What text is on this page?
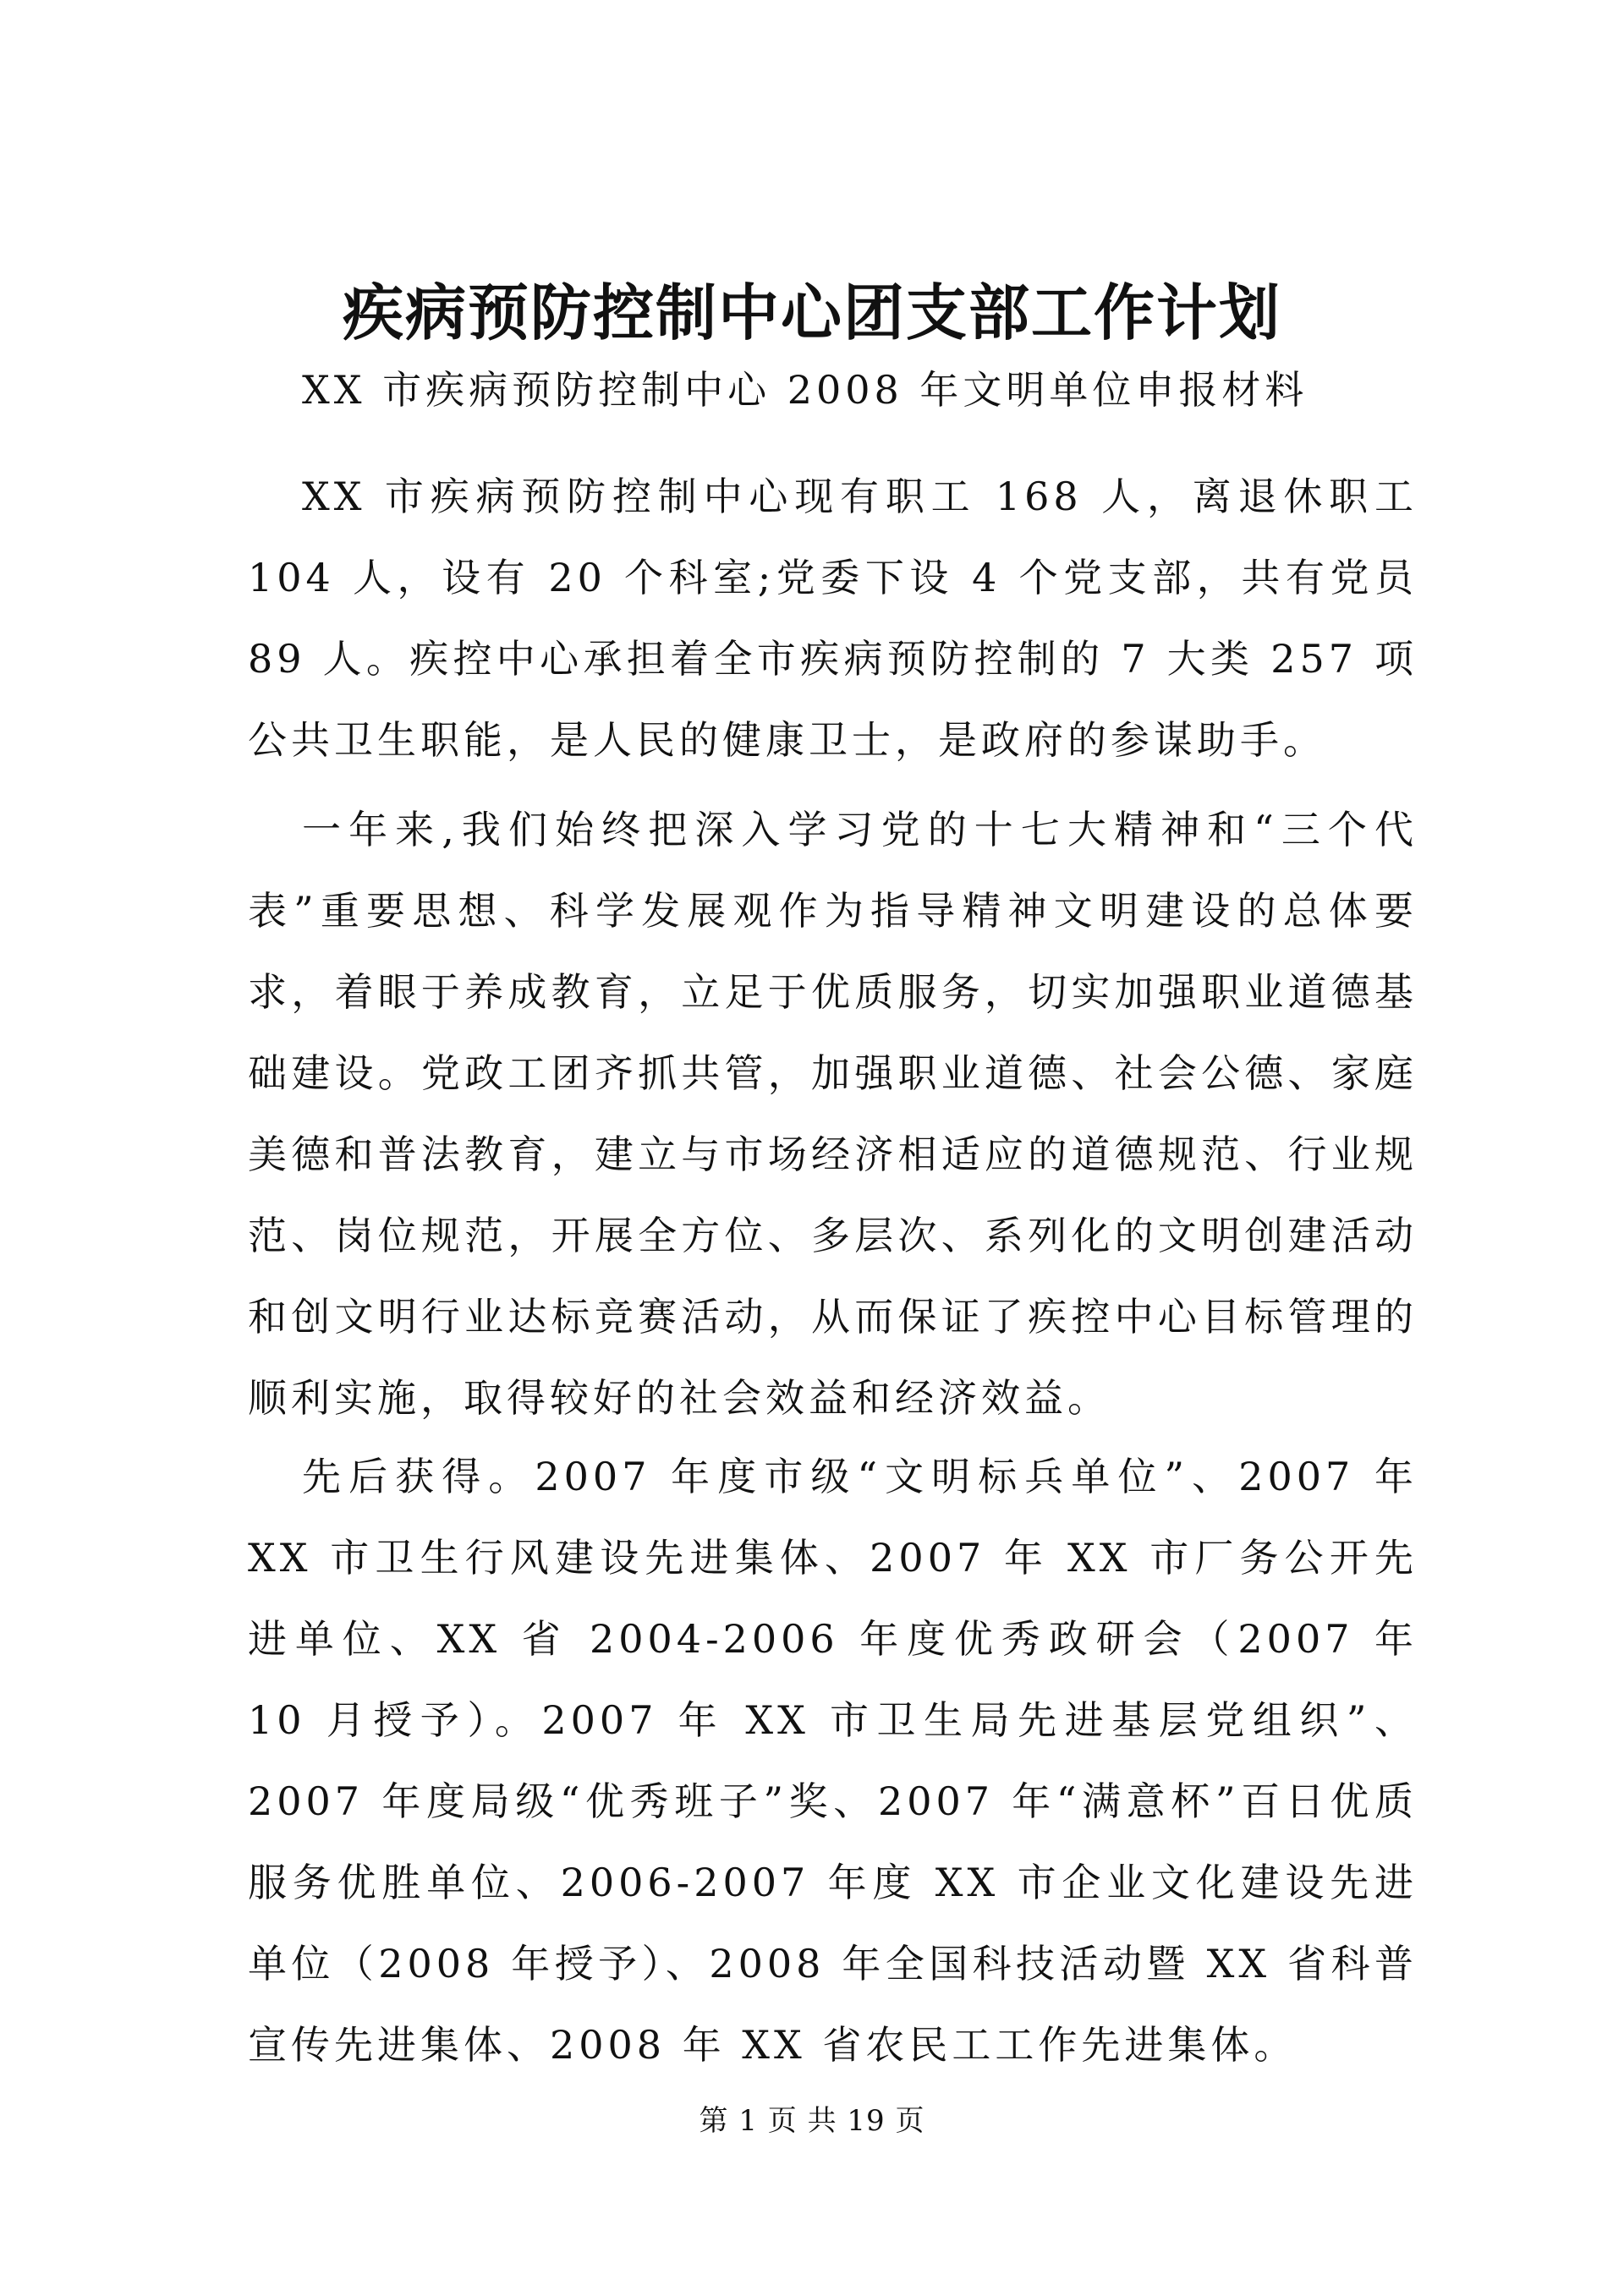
疾病预防控制中心团支部工作计划

XX 市疾病预防控制中心 2008 年文明单位申报材料

XX 市疾病预防控制中心现有职工 168 人，离退休职工 104 人，设有 20 个科室;党委下设 4 个党支部，共有党员 89 人。疾控中心承担着全市疾病预防控制的 7 大类 257 项公共卫生职能，是人民的健康卫士，是政府的参谋助手。

一年来,我们始终把深入学习党的十七大精神和“三个代表”重要思想、科学发展观作为指导精神文明建设的总体要求，着眼于养成教育，立足于优质服务，切实加强职业道德基础建设。党政工团齐抓共管，加强职业道德、社会公德、家庭美德和普法教育，建立与市场经济相适应的道德规范、行业规范、岗位规范，开展全方位、多层次、系列化的文明创建活动和创文明行业达标竞赛活动，从而保证了疾控中心目标管理的顺利实施，取得较好的社会效益和经济效益。

先后获得。2007 年度市级“文明标兵单位”、2007 年 XX 市卫生行风建设先进集体、2007 年 XX 市厂务公开先进单位、XX 省 2004-2006 年度优秀政研会（2007 年 10 月授予）。2007 年 XX 市卫生局先进基层党组织”、2007 年度局级“优秀班子”奖、2007 年“满意杯”百日优质服务优胜单位、2006-2007 年度 XX 市企业文化建设先进单位（2008 年授予）、2008 年全国科技活动暨 XX 省科普宣传先进集体、2008 年 XX 省农民工工作先进集体。

第 1 页 共 19 页
